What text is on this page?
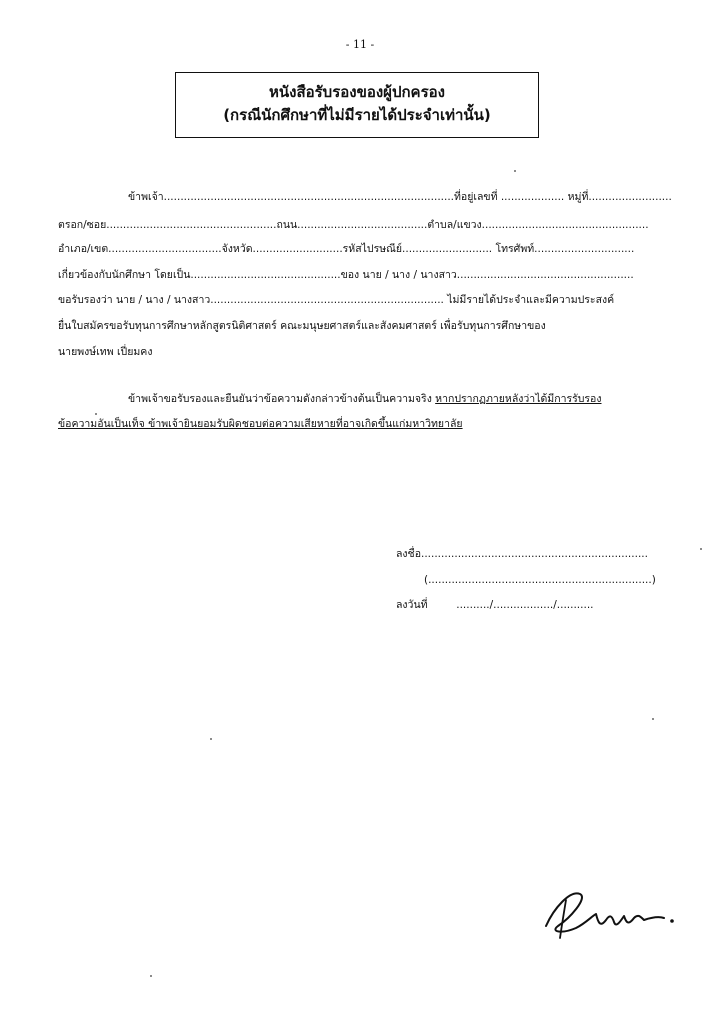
- 11 -
หนังสือรับรองของผู้ปกครอง
(กรณีนักศึกษาที่ไม่มีรายได้ประจำเท่านั้น)
ข้าพเจ้า.......................................................................................ที่อยู่เลขที่ ................... หมู่ที่.........................
ตรอก/ซอย...................................................ถนน.......................................ตำบล/แขวง..................................................
อำเภอ/เขต..................................จังหวัด...........................รหัสไปรษณีย์........................... โทรศัพท์..............................
เกี่ยวข้องกับนักศึกษา โดยเป็น.............................................ของ นาย / นาง / นางสาว.....................................................
ขอรับรองว่า นาย / นาง / นางสาว...................................................................... ไม่มีรายได้ประจำและมีความประสงค์
ยื่นใบสมัครขอรับทุนการศึกษาหลักสูตรนิติศาสตร์ คณะมนุษยศาสตร์และสังคมศาสตร์ เพื่อรับทุนการศึกษาของ
นายพงษ์เทพ เปี่ยมคง
ข้าพเจ้าขอรับรองและยืนยันว่าข้อความดังกล่าวข้างต้นเป็นความจริง หากปรากฏภายหลังว่าได้มีการรับรอง
ข้อความอันเป็นเท็จ ข้าพเจ้ายินยอมรับผิดชอบต่อความเสียหายที่อาจเกิดขึ้นแก่มหาวิทยาลัย
ลงชื่อ....................................................................
(...................................................................)
ลงวันที่	........../................../...........
